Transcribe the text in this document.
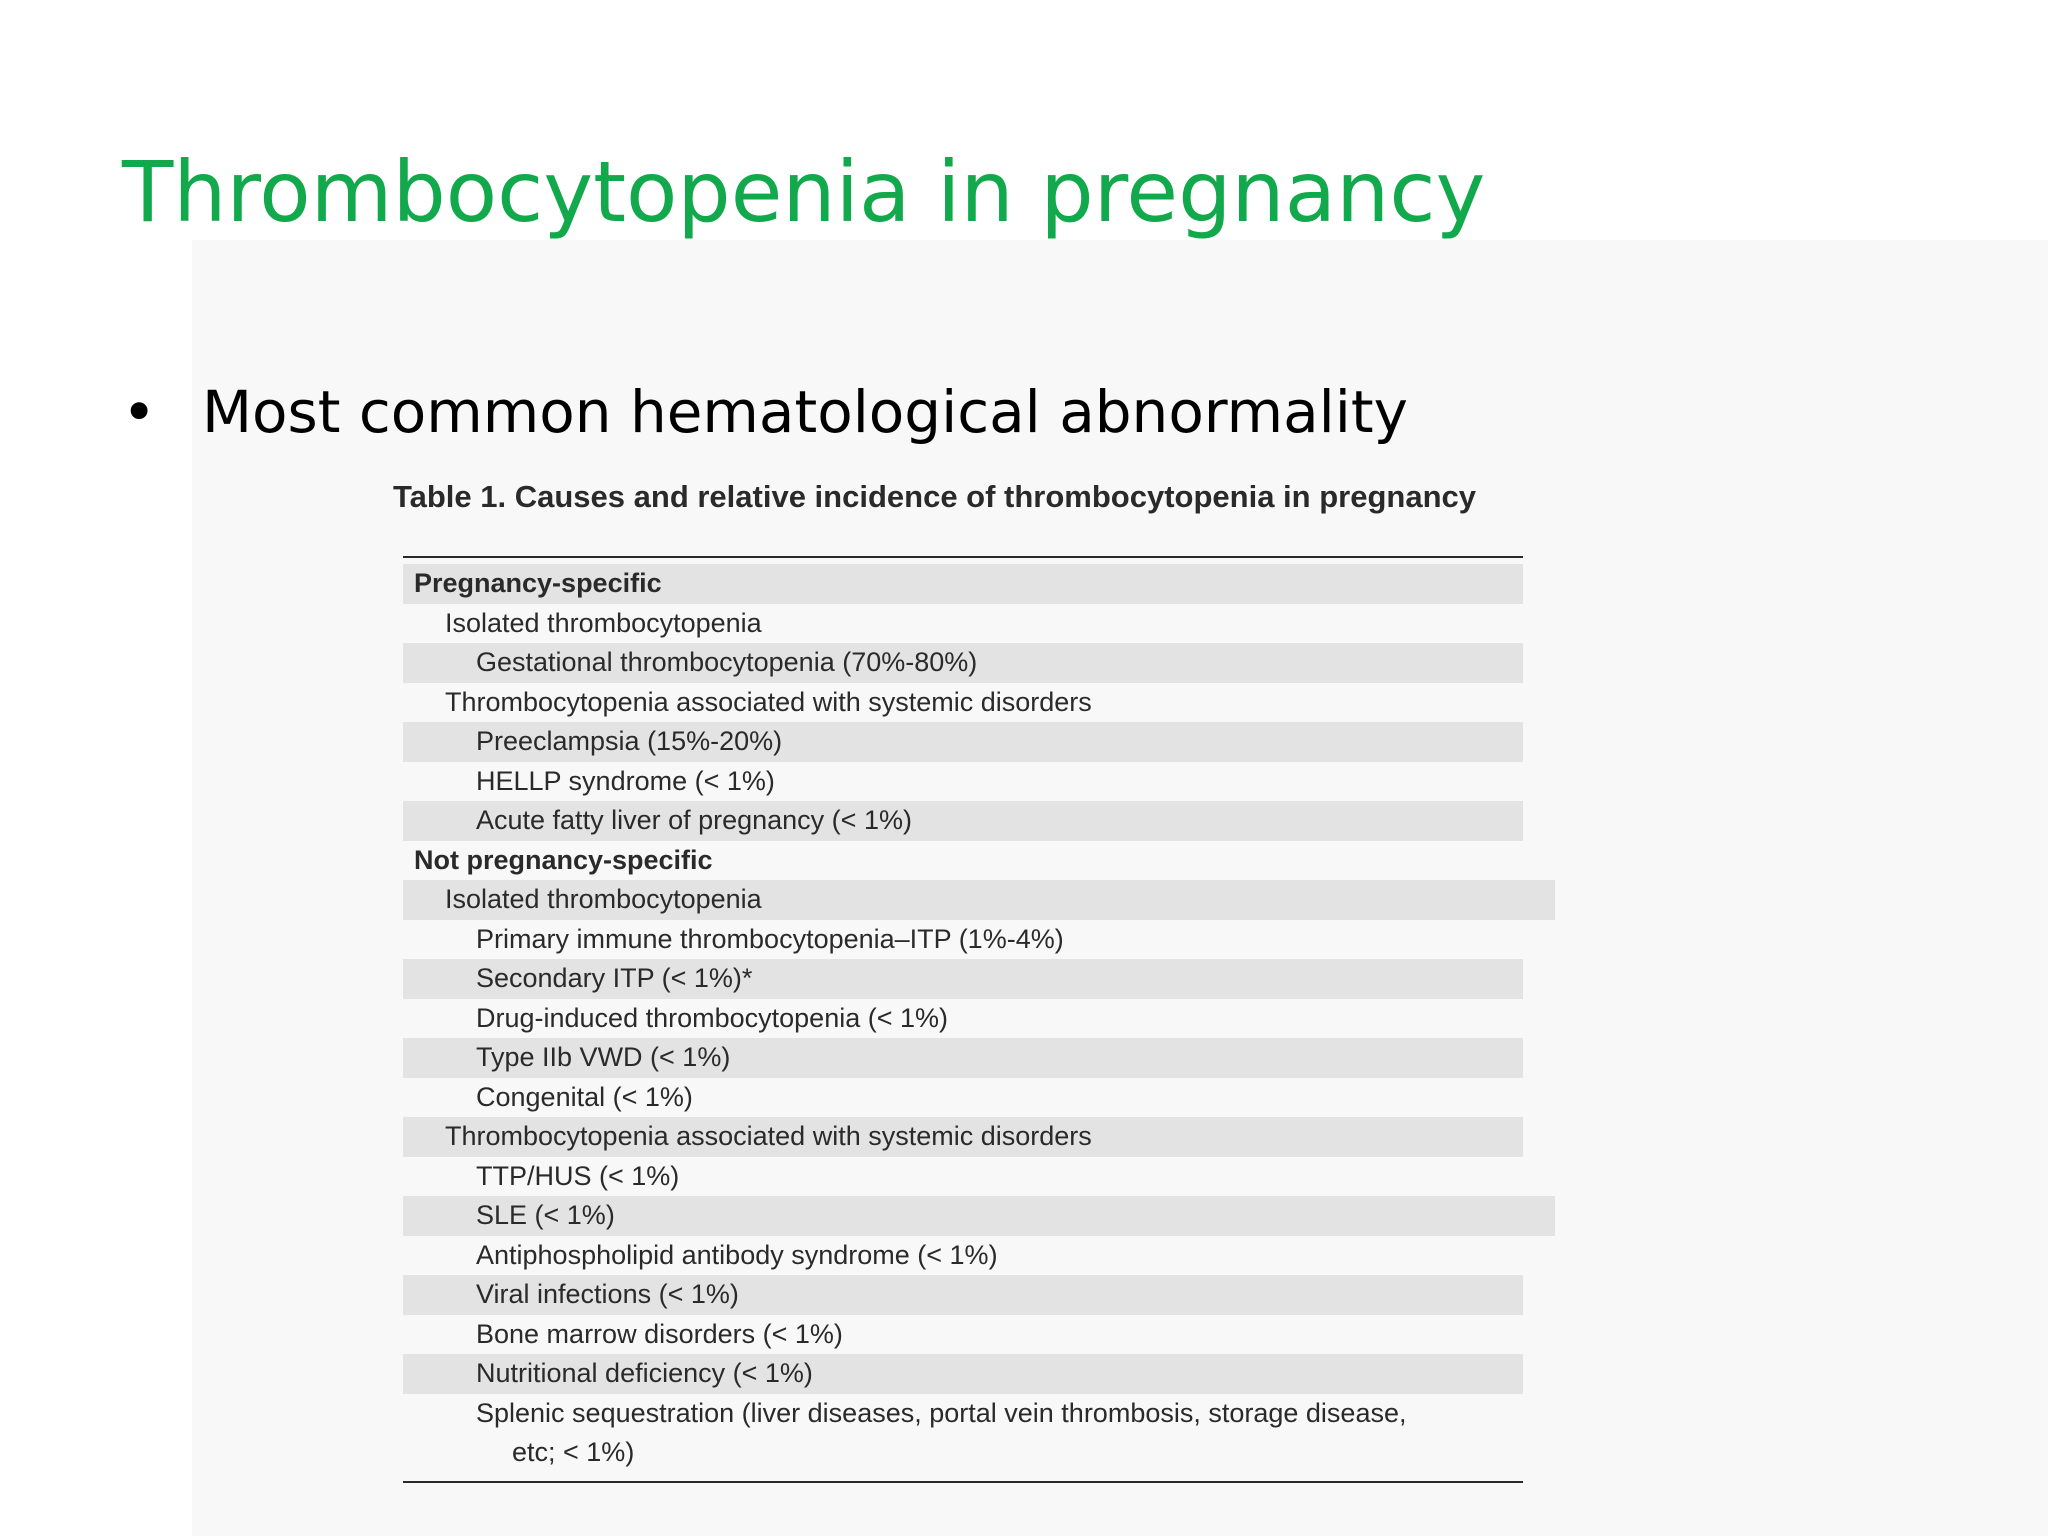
Thrombocytopenia in pregnancy
• Most common hematological abnormality

Table 1. Causes and relative incidence of thrombocytopenia in pregnancy

Pregnancy-specific
Isolated thrombocytopenia
Gestational thrombocytopenia (70%-80%)
Thrombocytopenia associated with systemic disorders
Preeclampsia (15%-20%)
HELLP syndrome (< 1%)
Acute fatty liver of pregnancy (< 1%)
Not pregnancy-specific
Isolated thrombocytopenia
Primary immune thrombocytopenia–ITP (1%-4%)
Secondary ITP (< 1%)*
Drug-induced thrombocytopenia (< 1%)
Type IIb VWD (< 1%)
Congenital (< 1%)
Thrombocytopenia associated with systemic disorders
TTP/HUS (< 1%)
SLE (< 1%)
Antiphospholipid antibody syndrome (< 1%)
Viral infections (< 1%)
Bone marrow disorders (< 1%)
Nutritional deficiency (< 1%)
Splenic sequestration (liver diseases, portal vein thrombosis, storage disease,
etc; < 1%)
